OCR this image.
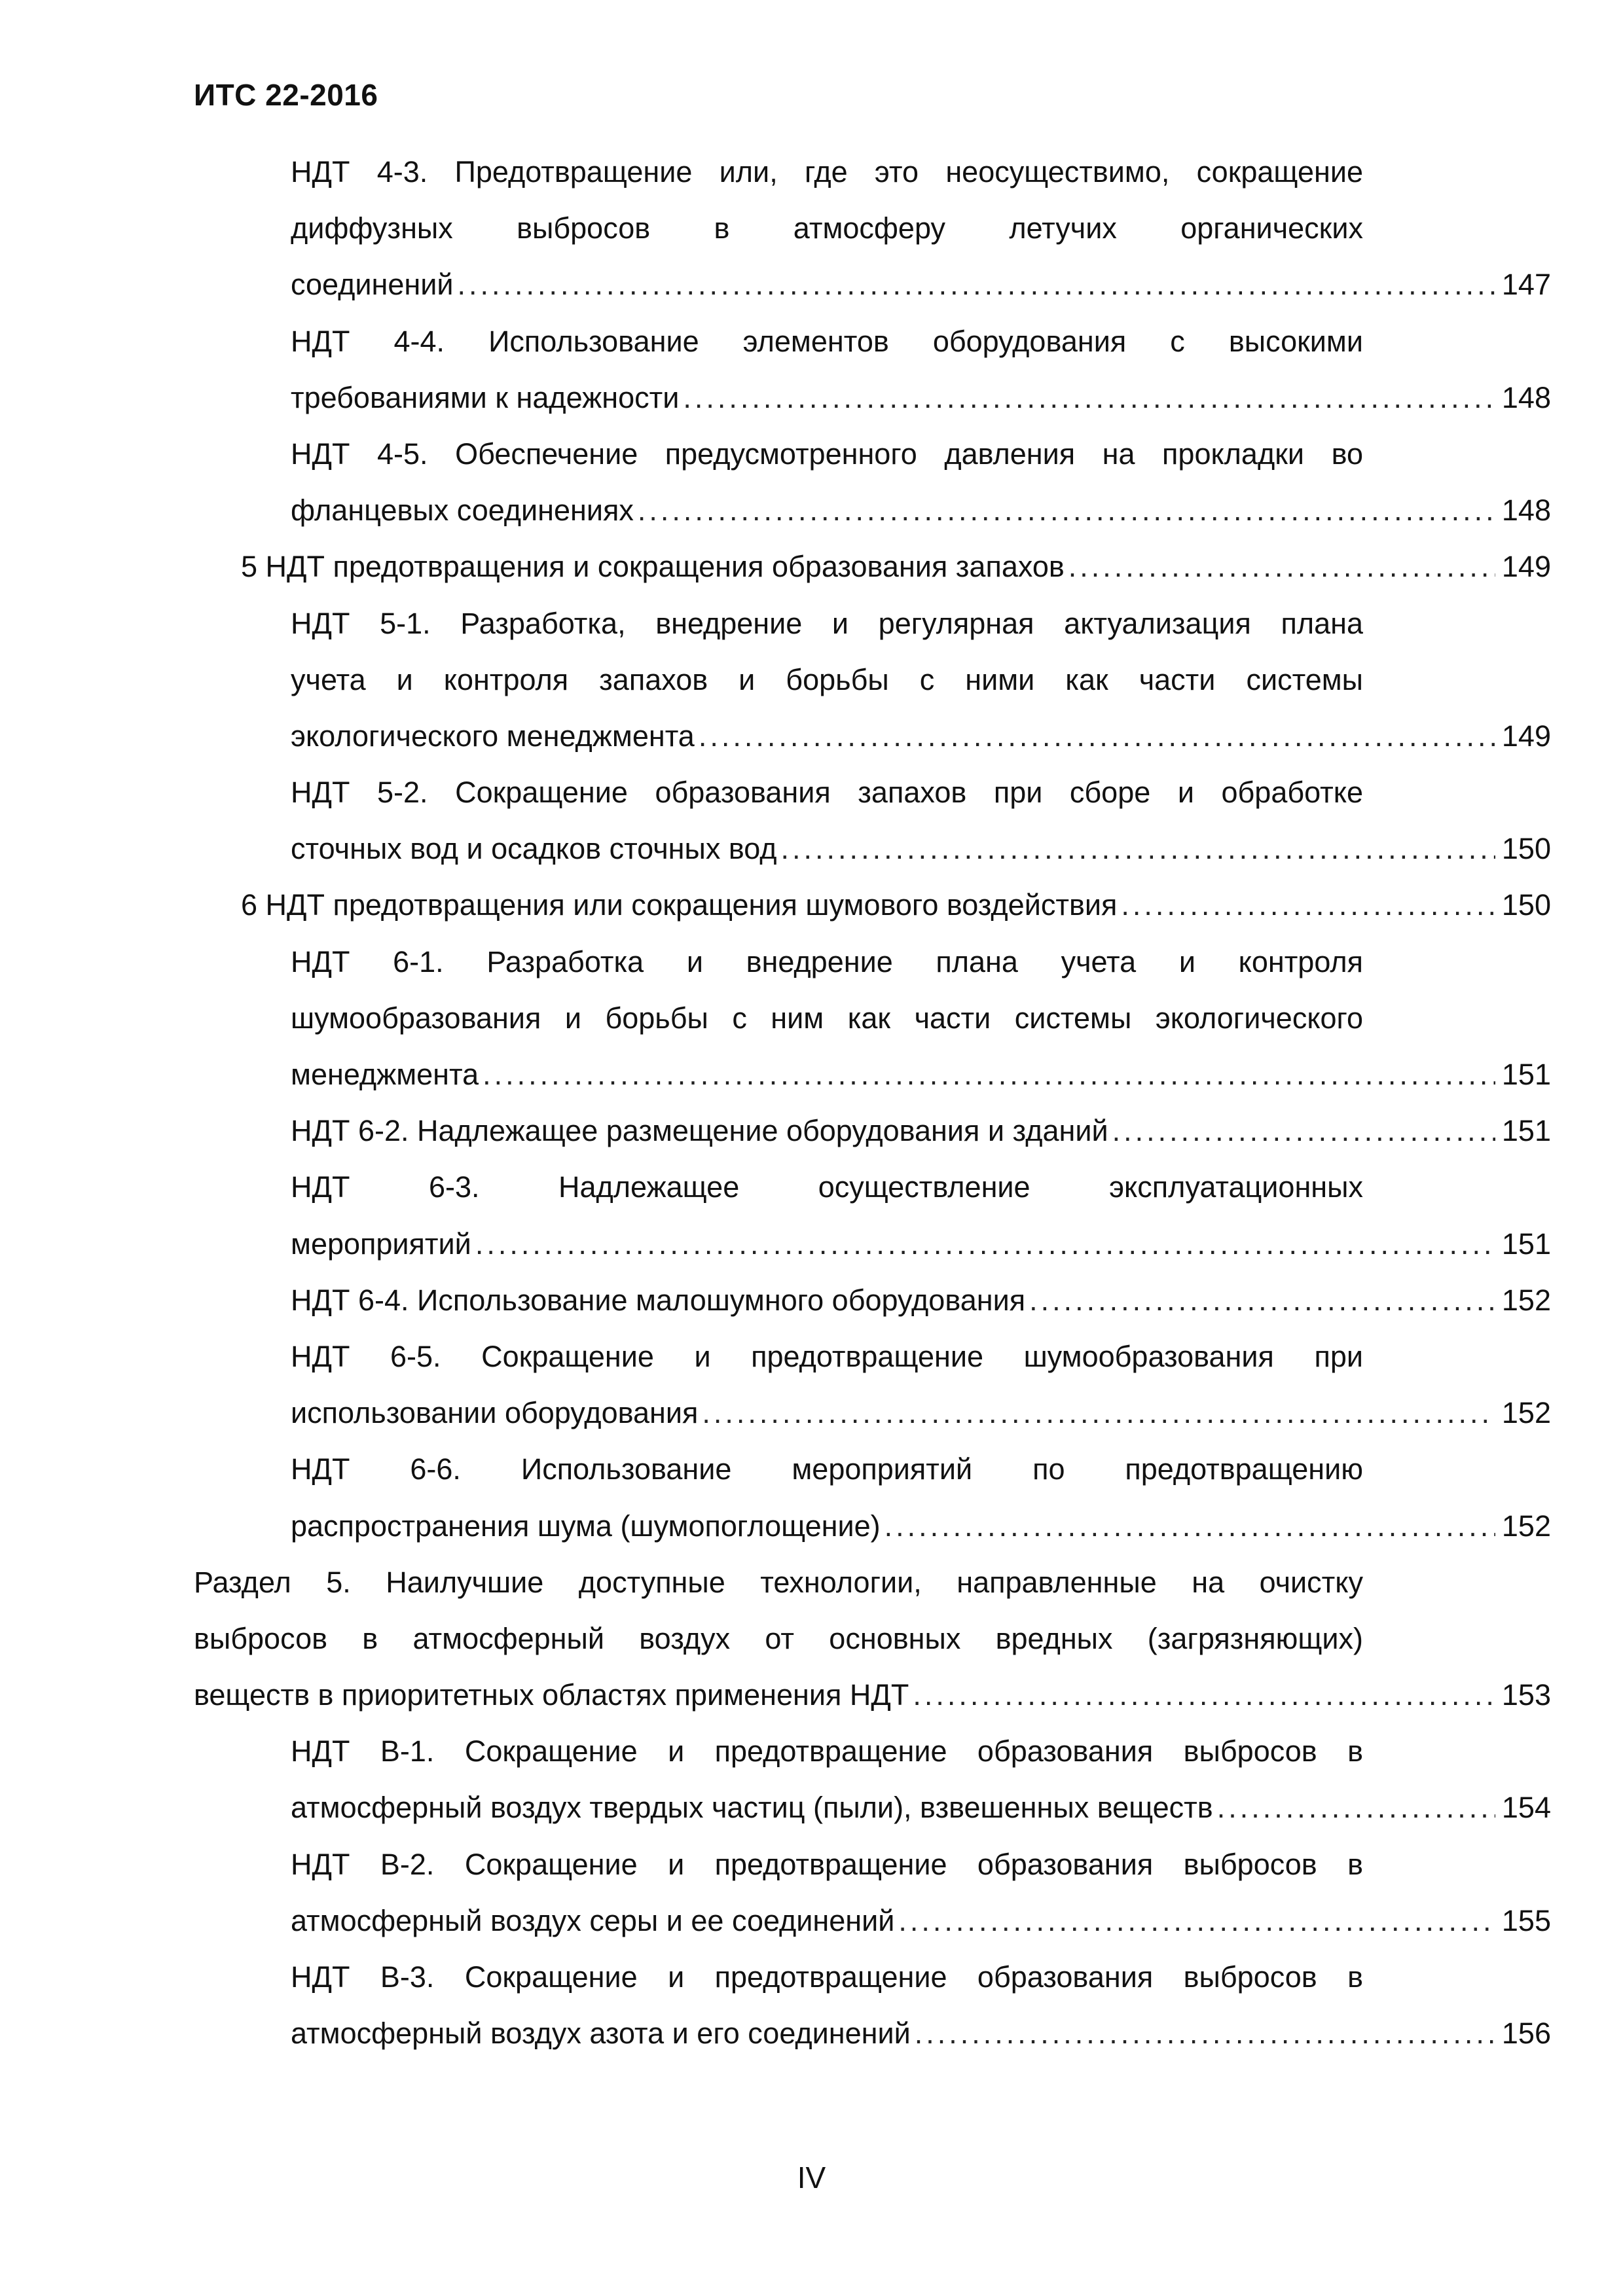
ИТС 22-2016
НДТ 4-3. Предотвращение или, где это неосуществимо, сокращение
диффузных выбросов в атмосферу летучих органических
соединений .....	147
НДТ 4-4. Использование элементов оборудования с высокими
требованиями к надежности .....	148
НДТ 4-5. Обеспечение предусмотренного давления на прокладки во
фланцевых соединениях .....	148
5 НДТ предотвращения и сокращения образования запахов .....	149
НДТ 5-1. Разработка, внедрение и регулярная актуализация плана
учета и контроля запахов и борьбы с ними как части системы
экологического менеджмента .....	149
НДТ 5-2. Сокращение образования запахов при сборе и обработке
сточных вод и осадков сточных вод .....	150
6 НДТ предотвращения или сокращения шумового воздействия .....	150
НДТ 6-1. Разработка и внедрение плана учета и контроля
шумообразования и борьбы с ним как части системы экологического
менеджмента .....	151
НДТ 6-2. Надлежащее размещение оборудования и зданий .....	151
НДТ 6-3. Надлежащее осуществление эксплуатационных
мероприятий .....	151
НДТ 6-4. Использование малошумного оборудования .....	152
НДТ 6-5. Сокращение и предотвращение шумообразования при
использовании оборудования .....	152
НДТ 6-6. Использование мероприятий по предотвращению
распространения шума (шумопоглощение) .....	152
Раздел 5. Наилучшие доступные технологии, направленные на очистку
выбросов в атмосферный воздух от основных вредных (загрязняющих)
веществ в приоритетных областях применения НДТ .....	153
НДТ В-1. Сокращение и предотвращение образования выбросов в
атмосферный воздух твердых частиц (пыли), взвешенных веществ .....	154
НДТ В-2. Сокращение и предотвращение образования выбросов в
атмосферный воздух серы и ее соединений .....	155
НДТ В-3. Сокращение и предотвращение образования выбросов в
атмосферный воздух азота и его соединений .....	156
IV
